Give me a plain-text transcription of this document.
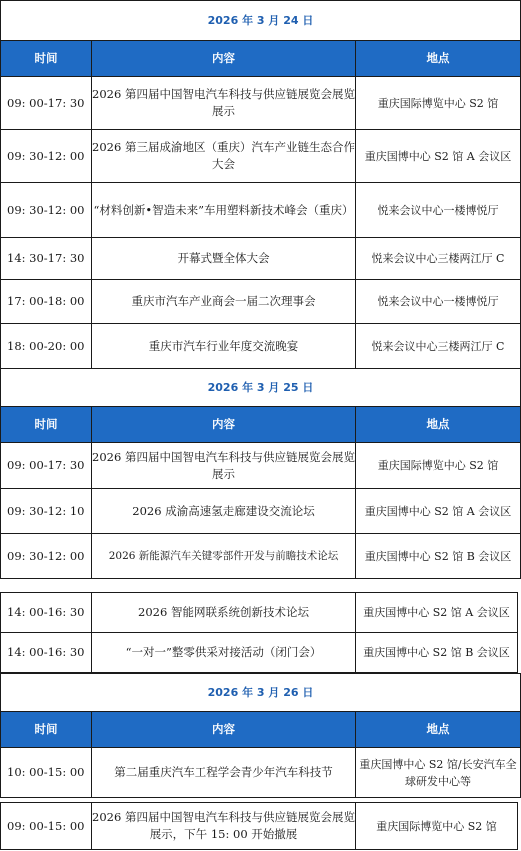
2026 年 3 月 24 日		
时间	内容	地点
09: 00-17: 30	2026 第四届中国智电汽车科技与供应链展览会展览展示	重庆国际博览中心 S2 馆
09: 30-12: 00	2026 第三届成渝地区（重庆）汽车产业链生态合作大会	重庆国博中心 S2 馆 A 会议区
09: 30-12: 00	“材料创新•智造未来”车用塑料新技术峰会（重庆）	悦来会议中心一楼博悦厅
14: 30-17: 30	开幕式暨全体大会	悦来会议中心三楼两江厅 C
17: 00-18: 00	重庆市汽车产业商会一届二次理事会	悦来会议中心一楼博悦厅
18: 00-20: 00	重庆市汽车行业年度交流晚宴	悦来会议中心三楼两江厅 C
2026 年 3 月 25 日		
时间	内容	地点
09: 00-17: 30	2026 第四届中国智电汽车科技与供应链展览会展览展示	重庆国际博览中心 S2 馆
09: 30-12: 10	2026 成渝高速氢走廊建设交流论坛	重庆国博中心 S2 馆 A 会议区
09: 30-12: 00	2026 新能源汽车关键零部件开发与前瞻技术论坛	重庆国博中心 S2 馆 B 会议区
14: 00-16: 30	2026 智能网联系统创新技术论坛	重庆国博中心 S2 馆 A 会议区
14: 00-16: 30	“一对一”整零供采对接活动（闭门会）	重庆国博中心 S2 馆 B 会议区
2026 年 3 月 26 日		
时间	内容	地点
10: 00-15: 00	第二届重庆汽车工程学会青少年汽车科技节	重庆国博中心 S2 馆/长安汽车全球研发中心等
09: 00-15: 00	2026 第四届中国智电汽车科技与供应链展览会展览展示，下午 15: 00 开始撤展	重庆国际博览中心 S2 馆
